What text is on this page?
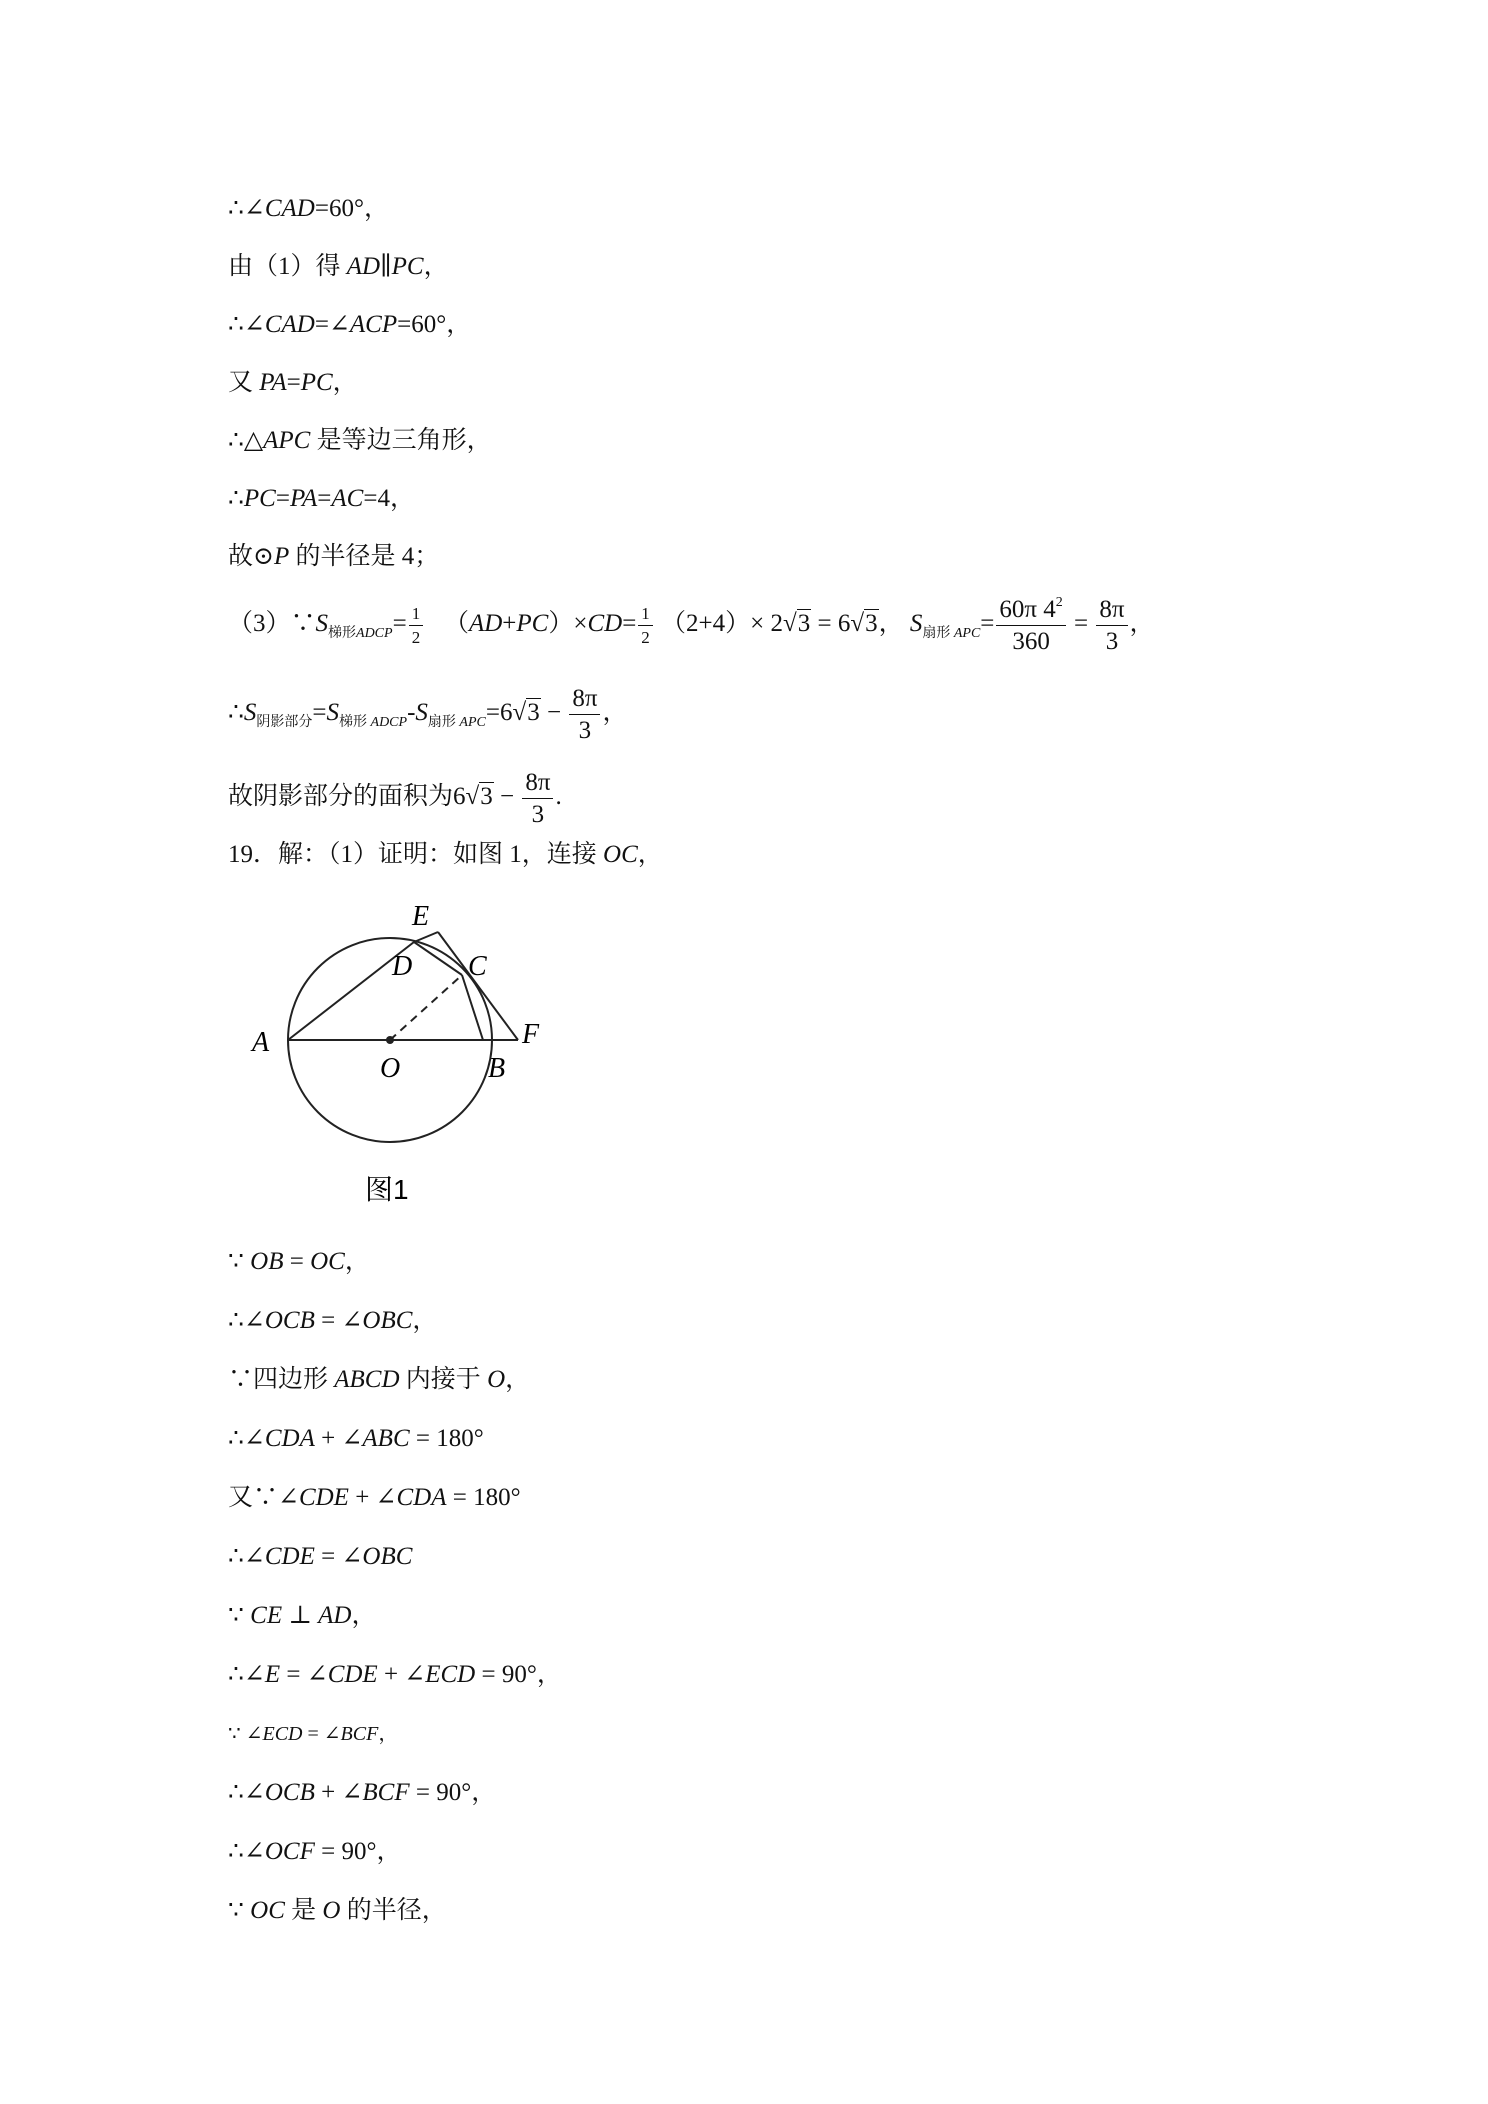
∴∠CAD=60°，
由（1）得 AD∥PC，
∴∠CAD=∠ACP=60°，
又 PA=PC，
∴△APC 是等边三角形，
∴PC=PA=AC=4，
故⊙P 的半径是 4；
$(3)\because S_{梯形ADCP}= \frac{1}{2} (AD+PC)\times CD= \frac{1}{2} (2+4)\times 2√3 = 6√3$， $S_{扇形 APC}= \frac{60\pi 4^2}{360} = \frac{8\pi}{3}$ ，
$\therefore S_{阴影部分}=S_{梯形 ADCP}-S_{扇形 APC}=6√3 - \frac{8\pi}{3}$ ，
故阴影部分的面积为$6√3 - \frac{8\pi}{3}$ .
19．解：（1）证明：如图 1，连接 OC，
A
O	B
F
C
D
E
图1
∵ OB = OC，
∴∠OCB = ∠OBC，
∵四边形 ABCD 内接于 O，
∴∠CDA + ∠ABC = 180°
又∵∠CDE + ∠CDA = 180°
∴∠CDE = ∠OBC
∵ CE ⊥ AD，
∴∠E = ∠CDE + ∠ECD = 90°，
∵ ∠ECD = ∠BCF，
∴∠OCB + ∠BCF = 90°，
∴∠OCF = 90°，
∵ OC 是 O 的半径，
